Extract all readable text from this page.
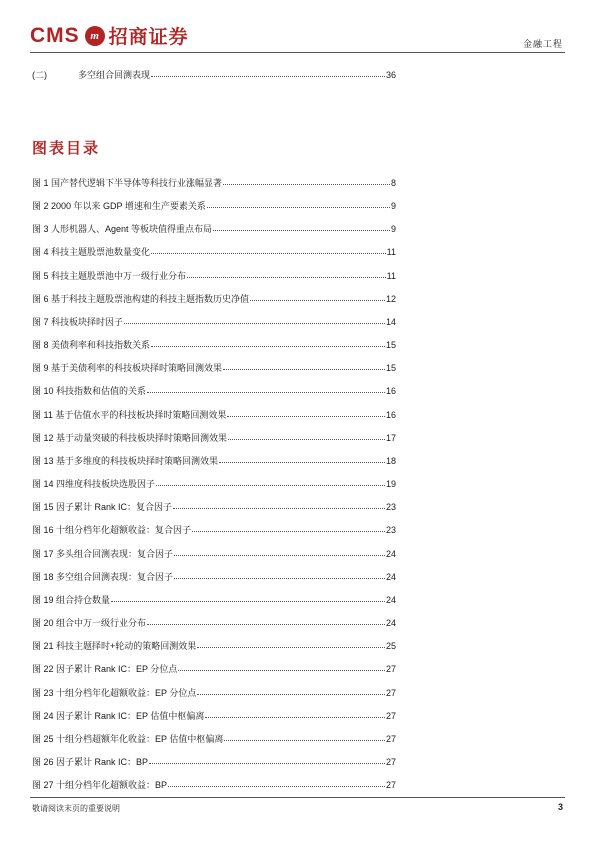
CMS m 招商证券	金融工程
(二)	多空组合回测表现	36
图表目录
图 1 国产替代逻辑下半导体等科技行业涨幅显著	8
图 2 2000 年以来 GDP 增速和生产要素关系	9
图 3 人形机器人、Agent 等板块值得重点布局	9
图 4 科技主题股票池数量变化	11
图 5 科技主题股票池中万一级行业分布	11
图 6 基于科技主题股票池构建的科技主题指数历史净值	12
图 7 科技板块择时因子	14
图 8 美债利率和科技指数关系	15
图 9 基于美债利率的科技板块择时策略回测效果	15
图 10 科技指数和估值的关系	16
图 11 基于估值水平的科技板块择时策略回测效果	16
图 12 基于动量突破的科技板块择时策略回测效果	17
图 13 基于多维度的科技板块择时策略回测效果	18
图 14 四维度科技板块选股因子	19
图 15 因子累计 Rank IC：复合因子	23
图 16 十组分档年化超额收益：复合因子	23
图 17 多头组合回测表现：复合因子	24
图 18 多空组合回测表现：复合因子	24
图 19 组合持仓数量	24
图 20 组合中万一级行业分布	24
图 21 科技主题择时+轮动的策略回测效果	25
图 22 因子累计 Rank IC：EP 分位点	27
图 23 十组分档年化超额收益：EP 分位点	27
图 24 因子累计 Rank IC：EP 估值中枢偏离	27
图 25 十组分档超额年化收益：EP 估值中枢偏离	27
图 26 因子累计 Rank IC：BP	27
图 27 十组分档年化超额收益：BP	27
敬请阅读末页的重要说明	3
